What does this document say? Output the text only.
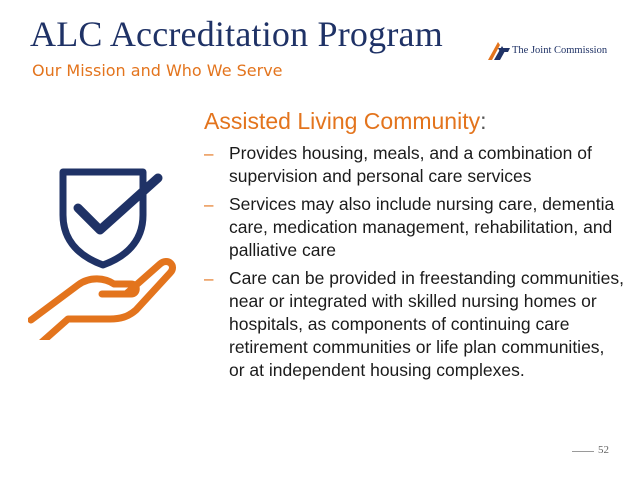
ALC Accreditation Program
Our Mission and Who We Serve
The Joint Commission
Assisted Living Community:
– Provides housing, meals, and a combination of supervision and personal care services
– Services may also include nursing care, dementia care, medication management, rehabilitation, and palliative care
– Care can be provided in freestanding communities, near or integrated with skilled nursing homes or hospitals, as components of continuing care retirement communities or life plan communities, or at independent housing complexes.
52
